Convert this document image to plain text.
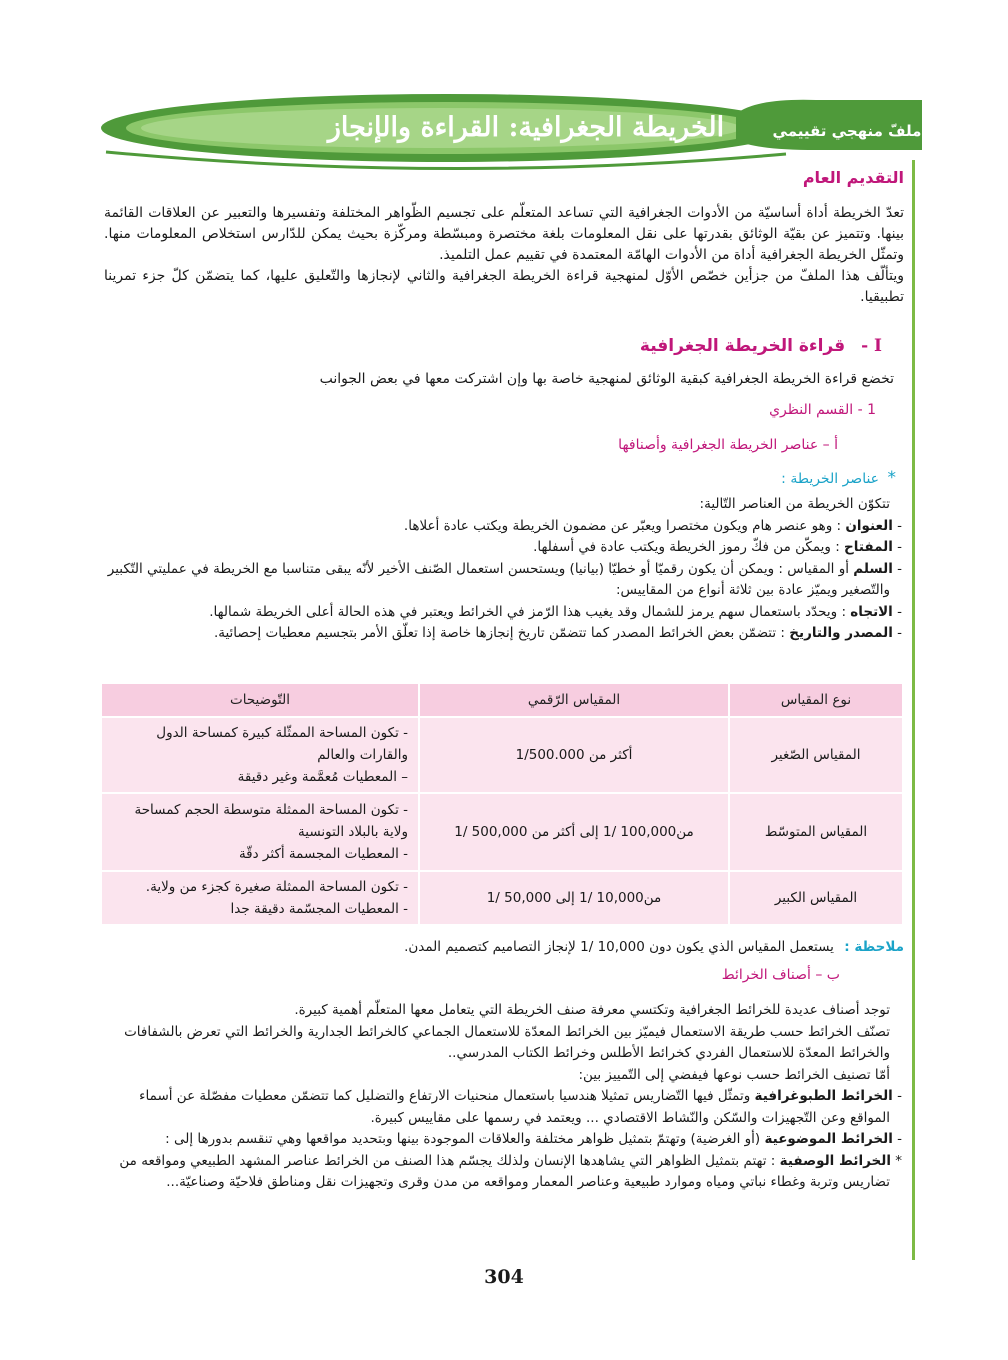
الخريطة الجغرافية: القراءة والإنجاز	ملفّ منهجي تقييمي
التقديم العام
تعدّ الخريطة أداة أساسيّة من الأدوات الجغرافية التي تساعد المتعلّم على تجسيم الظّواهر المختلفة وتفسيرها والتعبير عن العلاقات القائمة بينها. وتتميز عن بقيّة الوثائق بقدرتها على نقل المعلومات بلغة مختصرة ومبسّطة ومركّزة بحيث يمكن للدّارس استخلاص المعلومات منها. وتمثّل الخريطة الجغرافية أداة من الأدوات الهامّة المعتمدة في تقييم عمل التلميذ.
ويتألّف هذا الملفّ من جزأين خصّص الأوّل لمنهجية قراءة الخريطة الجغرافية والثاني لإنجازها والتّعليق عليها، كما يتضمّن كلّ جزء تمرينا تطبيقيا.
I - قراءة الخريطة الجغرافية
تخضع قراءة الخريطة الجغرافية كبقية الوثائق لمنهجية خاصة بها وإن اشتركت معها في بعض الجوانب
1 - القسم النظري
أ – عناصر الخريطة الجغرافية وأصنافها
* عناصر الخريطة :
تتكوّن الخريطة من العناصر التّالية:
- العنوان : وهو عنصر هام ويكون مختصرا ويعبّر عن مضمون الخريطة ويكتب عادة أعلاها.
- المفتاح : ويمكّن من فكّ رموز الخريطة ويكتب عادة في أسفلها.
- السلم أو المقياس : ويمكن أن يكون رقميّا أو خطيّا (بيانيا) ويستحسن استعمال الصّنف الأخير لأنّه يبقى متناسبا مع الخريطة في عمليتي التّكبير والتّصغير ويميّز عادة بين ثلاثة أنواع من المقاييس:
- الاتجاه : ويحدّد باستعمال سهم يرمز للشمال وقد يغيب هذا الرّمز في الخرائط ويعتبر في هذه الحالة أعلى الخريطة شمالها.
- المصدر والتاريخ : تتضمّن بعض الخرائط المصدر كما تتضمّن تاريخ إنجازها خاصة إذا تعلّق الأمر بتجسيم معطيات إحصائية.
نوع المقياس	المقياس الرّقمي	التّوضيحات
المقياس الصّغير	أكثر من 1/500.000	- تكون المساحة الممثّلة كبيرة كمساحة الدول والقارات والعالم
– المعطيات مُعمَّمة وغير دقيقة

المقياس المتوسّط	من100,000 /1 إلى أكثر من 500,000 /1	- تكون المساحة الممثلة متوسطة الحجم كمساحة ولاية بالبلاد التونسية
- المعطيات المجسمة أكثر دقّة

المقياس الكبير	من10,000 /1 إلى 50,000 /1	- تكون المساحة الممثلة صغيرة كجزء من ولاية.
- المعطيات المجسّمة دقيقة جدا
ملاحظة : يستعمل المقياس الذي يكون دون 10,000 /1 لإنجاز التصاميم كتصميم المدن.
ب – أصناف الخرائط
توجد أصناف عديدة للخرائط الجغرافية وتكتسي معرفة صنف الخريطة التي يتعامل معها المتعلّم أهمية كبيرة.
تصنّف الخرائط حسب طريقة الاستعمال فيميّز بين الخرائط المعدّة للاستعمال الجماعي كالخرائط الجدارية والخرائط التي تعرض بالشفافات والخرائط المعدّة للاستعمال الفردي كخرائط الأطلس وخرائط الكتاب المدرسي..
أمّا تصنيف الخرائط حسب نوعها فيفضي إلى التّمييز بين:
- الخرائط الطبوغرافية وتمثّل فيها التّضاريس تمثيلا هندسيا باستعمال منحنيات الارتفاع والتضليل كما تتضمّن معطيات مفصّلة عن أسماء المواقع وعن التّجهيزات والسّكن والنّشاط الاقتصادي ... ويعتمد في رسمها على مقاييس كبيرة.
- الخرائط الموضوعية (أو الغرضية) وتهتمّ بتمثيل ظواهر مختلفة والعلاقات الموجودة بينها وبتحديد مواقعها وهي تنقسم بدورها إلى :
* الخرائط الوصفية : تهتم بتمثيل الظواهر التي يشاهدها الإنسان ولذلك يجسّم هذا الصنف من الخرائط عناصر المشهد الطبيعي ومواقعه من تضاريس وتربة وغطاء نباتي ومياه وموارد طبيعية وعناصر المعمار ومواقعه من مدن وقرى وتجهيزات نقل ومناطق فلاحيّة وصناعيّة...
304
